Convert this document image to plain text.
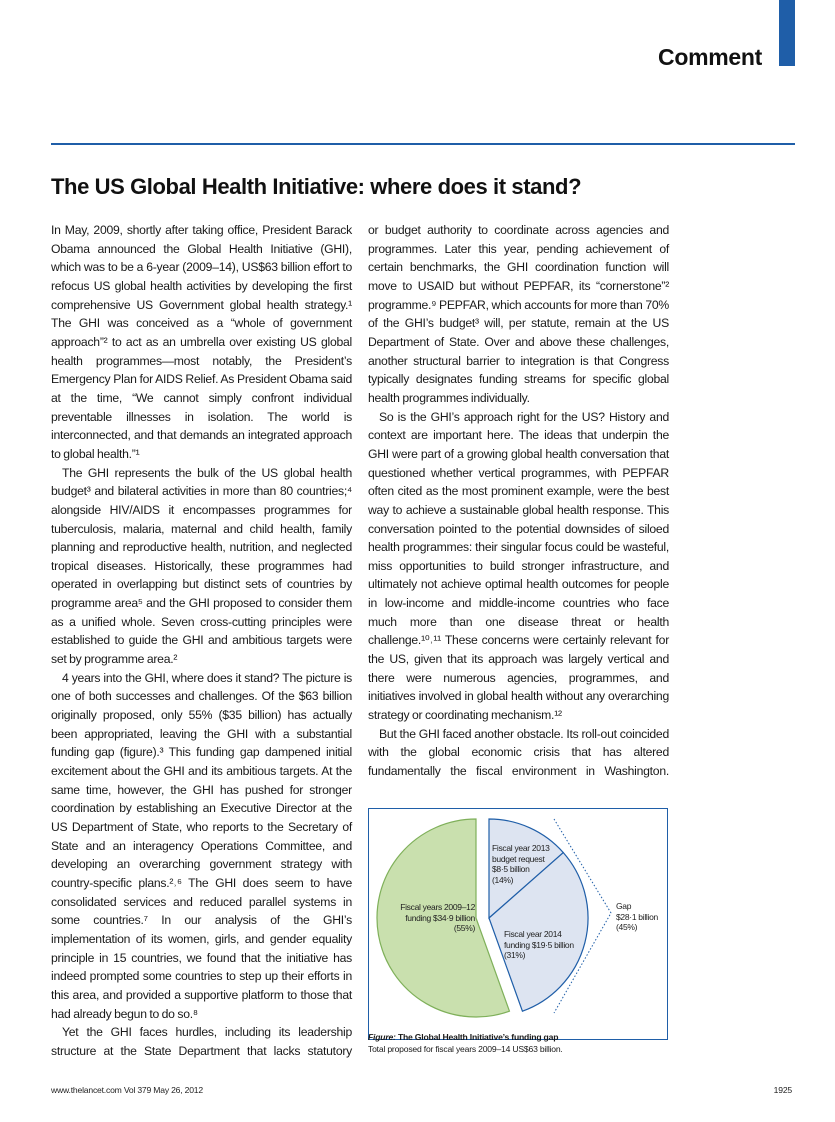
Comment
The US Global Health Initiative: where does it stand?

In May, 2009, shortly after taking office, President Barack Obama announced the Global Health Initiative (GHI), which was to be a 6-year (2009–14), US$63 billion effort to refocus US global health activities by developing the first comprehensive US Government global health strategy.¹ The GHI was conceived as a “whole of government approach”² to act as an umbrella over existing US global health programmes—most notably, the President’s Emergency Plan for AIDS Relief. As President Obama said at the time, “We cannot simply confront individual preventable illnesses in isolation. The world is interconnected, and that demands an integrated approach to global health.”¹

The GHI represents the bulk of the US global health budget³ and bilateral activities in more than 80 countries;⁴ alongside HIV/AIDS it encompasses programmes for tuberculosis, malaria, maternal and child health, family planning and reproductive health, nutrition, and neglected tropical diseases. Historically, these programmes had operated in overlapping but distinct sets of countries by programme area⁵ and the GHI proposed to consider them as a unified whole. Seven cross-cutting principles were established to guide the GHI and ambitious targets were set by programme area.²

4 years into the GHI, where does it stand? The picture is one of both successes and challenges. Of the $63 billion originally proposed, only 55% ($35 billion) has actually been appropriated, leaving the GHI with a substantial funding gap (figure).³ This funding gap dampened initial excitement about the GHI and its ambitious targets. At the same time, however, the GHI has pushed for stronger coordination by establishing an Executive Director at the US Department of State, who reports to the Secretary of State and an interagency Operations Committee, and developing an overarching government strategy with country-specific plans.²˒⁶ The GHI does seem to have consolidated services and reduced parallel systems in some countries.⁷ In our analysis of the GHI’s implementation of its women, girls, and gender equality principle in 15 countries, we found that the initiative has indeed prompted some countries to step up their efforts in this area, and provided a supportive platform to those that had already begun to do so.⁸

Yet the GHI faces hurdles, including its leadership structure at the State Department that lacks statutory

or budget authority to coordinate across agencies and programmes. Later this year, pending achievement of certain benchmarks, the GHI coordination function will move to USAID but without PEPFAR, its “cornerstone”² programme.⁹ PEPFAR, which accounts for more than 70% of the GHI’s budget³ will, per statute, remain at the US Department of State. Over and above these challenges, another structural barrier to integration is that Congress typically designates funding streams for specific global health programmes individually.

So is the GHI’s approach right for the US? History and context are important here. The ideas that underpin the GHI were part of a growing global health conversation that questioned whether vertical programmes, with PEPFAR often cited as the most prominent example, were the best way to achieve a sustainable global health response. This conversation pointed to the potential downsides of siloed health programmes: their singular focus could be wasteful, miss opportunities to build stronger infrastructure, and ultimately not achieve optimal health outcomes for people in low-income and middle-income countries who face much more than one disease threat or health challenge.¹⁰˒¹¹ These concerns were certainly relevant for the US, given that its approach was largely vertical and there were numerous agencies, programmes, and initiatives involved in global health without any overarching strategy or coordinating mechanism.¹²

But the GHI faced another obstacle. Its roll-out coincided with the global economic crisis that has altered fundamentally the fiscal environment in Washington.

Fiscal years 2009–12
funding $34·9 billion
(55%)
Fiscal year 2013
budget request
$8·5 billion
(14%)
Fiscal year 2014
funding $19·5 billion
(31%)
Gap
$28·1 billion
(45%)
Figure: The Global Health Initiative’s funding gap
Total proposed for fiscal years 2009–14 US$63 billion.
www.thelancet.com Vol 379 May 26, 2012	1925
